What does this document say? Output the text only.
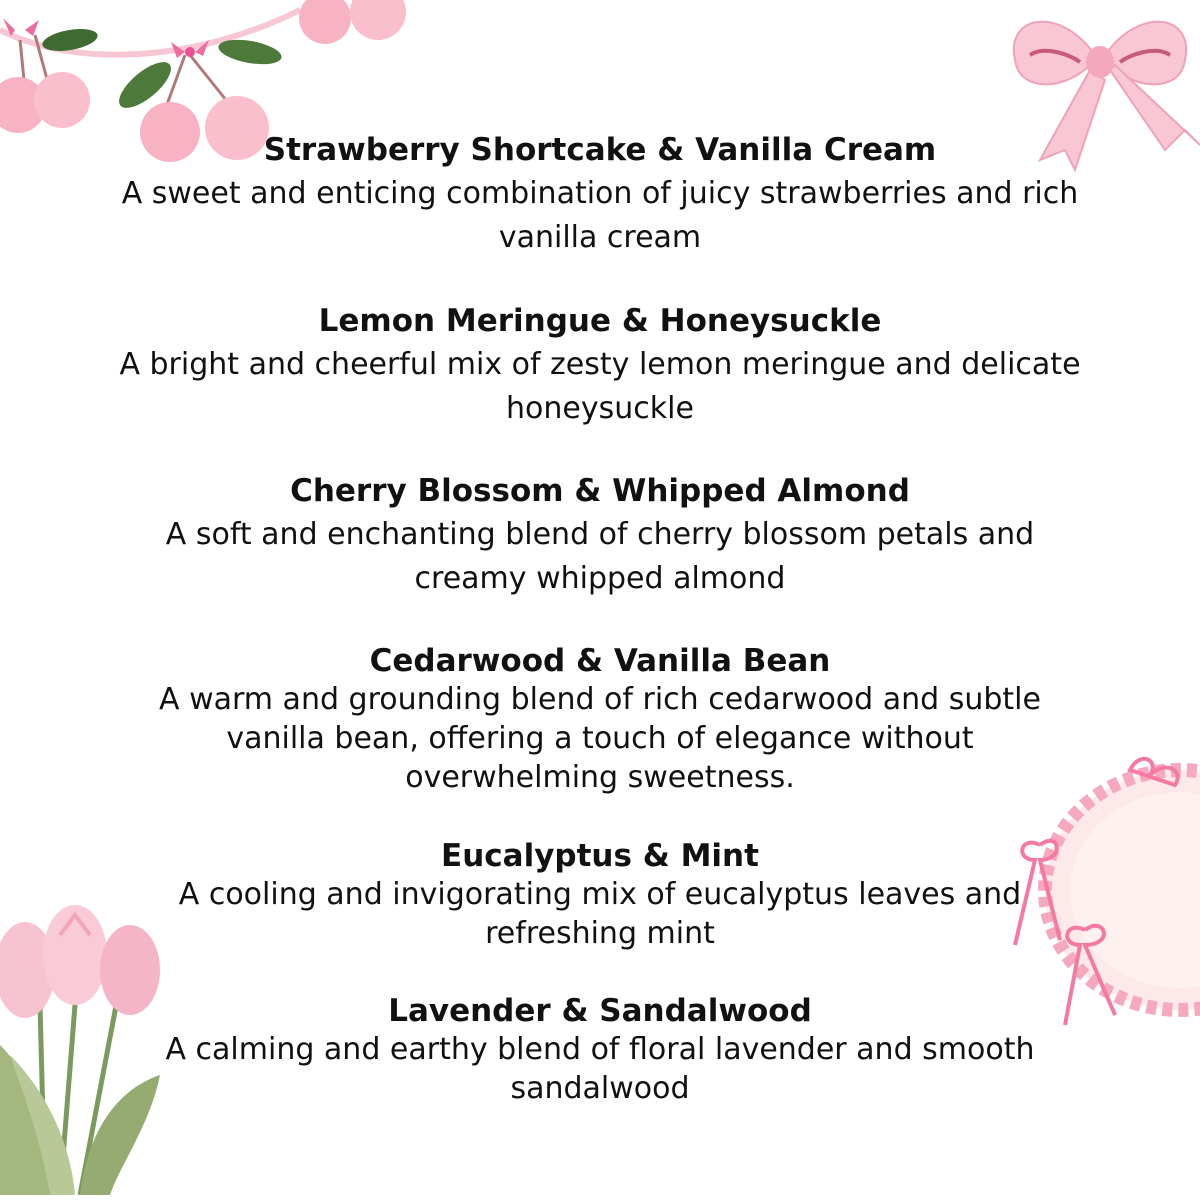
Strawberry Shortcake & Vanilla Cream

A sweet and enticing combination of juicy strawberries and rich vanilla cream

Lemon Meringue & Honeysuckle

A bright and cheerful mix of zesty lemon meringue and delicate honeysuckle

Cherry Blossom & Whipped Almond

A soft and enchanting blend of cherry blossom petals and creamy whipped almond

Cedarwood & Vanilla Bean

A warm and grounding blend of rich cedarwood and subtle vanilla bean, offering a touch of elegance without overwhelming sweetness.

Eucalyptus & Mint

A cooling and invigorating mix of eucalyptus leaves and refreshing mint

Lavender & Sandalwood

A calming and earthy blend of floral lavender and smooth sandalwood
